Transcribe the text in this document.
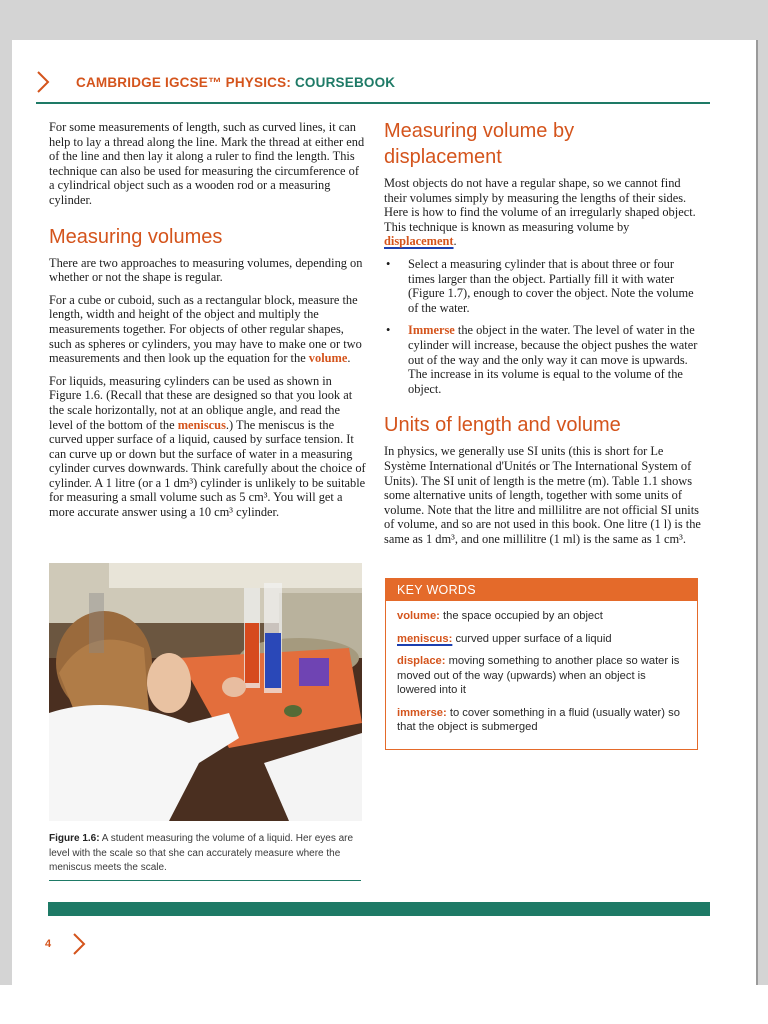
CAMBRIDGE IGCSE™ PHYSICS: COURSEBOOK

For some measurements of length, such as curved lines, it can help to lay a thread along the line. Mark the thread at either end of the line and then lay it along a ruler to find the length. This technique can also be used for measuring the circumference of a cylindrical object such as a wooden rod or a measuring cylinder.

Measuring volumes

There are two approaches to measuring volumes, depending on whether or not the shape is regular.

For a cube or cuboid, such as a rectangular block, measure the length, width and height of the object and multiply the measurements together. For objects of other regular shapes, such as spheres or cylinders, you may have to make one or two measurements and then look up the equation for the volume.

For liquids, measuring cylinders can be used as shown in Figure 1.6. (Recall that these are designed so that you look at the scale horizontally, not at an oblique angle, and read the level of the bottom of the meniscus.) The meniscus is the curved upper surface of a liquid, caused by surface tension. It can curve up or down but the surface of water in a measuring cylinder curves downwards. Think carefully about the choice of cylinder. A 1 litre (or a 1 dm³) cylinder is unlikely to be suitable for measuring a small volume such as 5 cm³. You will get a more accurate answer using a 10 cm³ cylinder.

Figure 1.6: A student measuring the volume of a liquid. Her eyes are level with the scale so that she can accurately measure where the meniscus meets the scale.
Measuring volume by displacement

Most objects do not have a regular shape, so we cannot find their volumes simply by measuring the lengths of their sides. Here is how to find the volume of an irregularly shaped object. This technique is known as measuring volume by displacement.

• Select a measuring cylinder that is about three or four times larger than the object. Partially fill it with water (Figure 1.7), enough to cover the object. Note the volume of the water.
• Immerse the object in the water. The level of water in the cylinder will increase, because the object pushes the water out of the way and the only way it can move is upwards. The increase in its volume is equal to the volume of the object.
Units of length and volume

In physics, we generally use SI units (this is short for Le Système International d'Unités or The International System of Units). The SI unit of length is the metre (m). Table 1.1 shows some alternative units of length, together with some units of volume. Note that the litre and millilitre are not official SI units of volume, and so are not used in this book. One litre (1 l) is the same as 1 dm³, and one millilitre (1 ml) is the same as 1 cm³.

KEY WORDS
volume: the space occupied by an object
meniscus: curved upper surface of a liquid
displace: moving something to another place so water is moved out of the way (upwards) when an object is lowered into it
immerse: to cover something in a fluid (usually water) so that the object is submerged
4
